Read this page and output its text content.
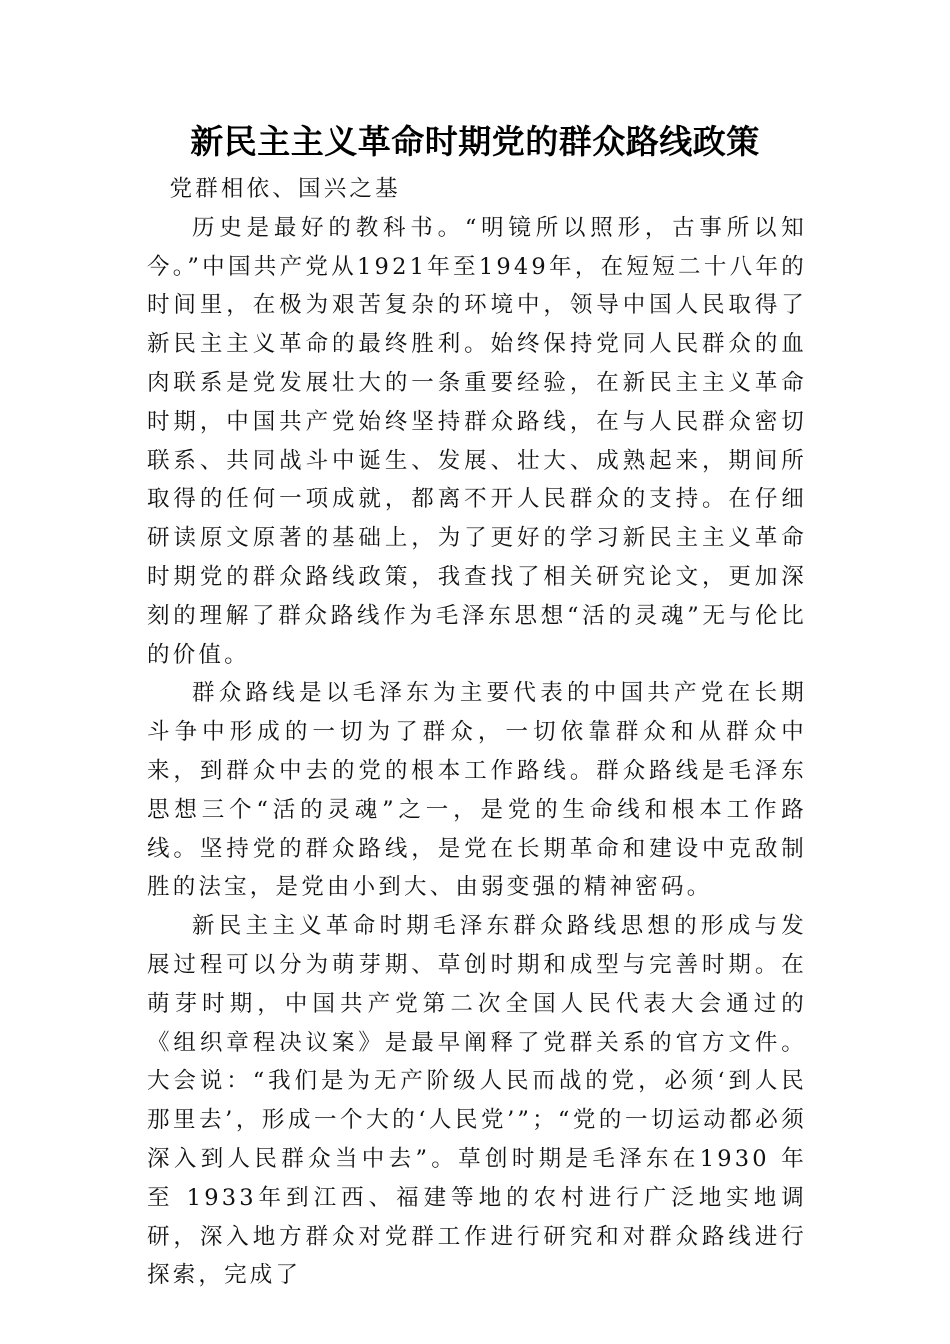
新民主主义革命时期党的群众路线政策

党群相依、国兴之基

历史是最好的教科书。“明镜所以照形，古事所以知今。”中国共产党从1921年至1949年，在短短二十八年的时间里，在极为艰苦复杂的环境中，领导中国人民取得了新民主主义革命的最终胜利。始终保持党同人民群众的血肉联系是党发展壮大的一条重要经验，在新民主主义革命时期，中国共产党始终坚持群众路线，在与人民群众密切联系、共同战斗中诞生、发展、壮大、成熟起来，期间所取得的任何一项成就，都离不开人民群众的支持。在仔细研读原文原著的基础上，为了更好的学习新民主主义革命时期党的群众路线政策，我查找了相关研究论文，更加深刻的理解了群众路线作为毛泽东思想“活的灵魂”无与伦比的价值。

群众路线是以毛泽东为主要代表的中国共产党在长期斗争中形成的一切为了群众，一切依靠群众和从群众中来，到群众中去的党的根本工作路线。群众路线是毛泽东思想三个“活的灵魂”之一，是党的生命线和根本工作路线。坚持党的群众路线，是党在长期革命和建设中克敌制胜的法宝，是党由小到大、由弱变强的精神密码。

新民主主义革命时期毛泽东群众路线思想的形成与发展过程可以分为萌芽期、草创时期和成型与完善时期。在萌芽时期，中国共产党第二次全国人民代表大会通过的《组织章程决议案》是最早阐释了党群关系的官方文件。大会说：“我们是为无产阶级人民而战的党，必须‘到人民那里去’，形成一个大的‘人民党’”；“党的一切运动都必须深入到人民群众当中去”。草创时期是毛泽东在1930 年至 1933年到江西、福建等地的农村进行广泛地实地调研，深入地方群众对党群工作进行研究和对群众路线进行探索，完成了
